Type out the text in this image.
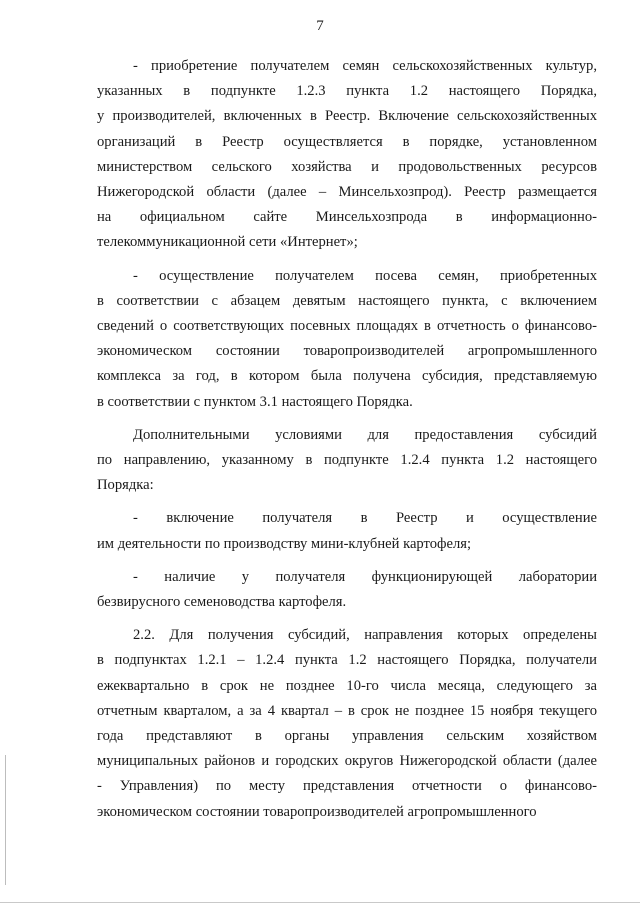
7
- приобретение получателем семян сельскохозяйственных культур,
указанных в подпункте 1.2.3 пункта 1.2 настоящего Порядка,
у производителей, включенных в Реестр. Включение сельскохозяйственных
организаций в Реестр осуществляется в порядке, установленном
министерством сельского хозяйства и продовольственных ресурсов
Нижегородской области (далее – Минсельхозпрод). Реестр размещается
на официальном сайте Минсельхозпрода в информационно-
телекоммуникационной сети «Интернет»;
- осуществление получателем посева семян, приобретенных
в соответствии с абзацем девятым настоящего пункта, с включением
сведений о соответствующих посевных площадях в отчетность о финансово-
экономическом состоянии товаропроизводителей агропромышленного
комплекса за год, в котором была получена субсидия, представляемую
в соответствии с пунктом 3.1 настоящего Порядка.
Дополнительными условиями для предоставления субсидий
по направлению, указанному в подпункте 1.2.4 пункта 1.2 настоящего
Порядка:
- включение получателя в Реестр и осуществление
им деятельности по производству мини-клубней картофеля;
- наличие у получателя функционирующей лаборатории
безвирусного семеноводства картофеля.
2.2. Для получения субсидий, направления которых определены
в подпунктах 1.2.1 – 1.2.4 пункта 1.2 настоящего Порядка, получатели
ежеквартально в срок не позднее 10-го числа месяца, следующего за
отчетным кварталом, а за 4 квартал – в срок не позднее 15 ноября текущего
года представляют в органы управления сельским хозяйством
муниципальных районов и городских округов Нижегородской области (далее
- Управления) по месту представления отчетности о финансово-
экономическом состоянии товаропроизводителей агропромышленного
